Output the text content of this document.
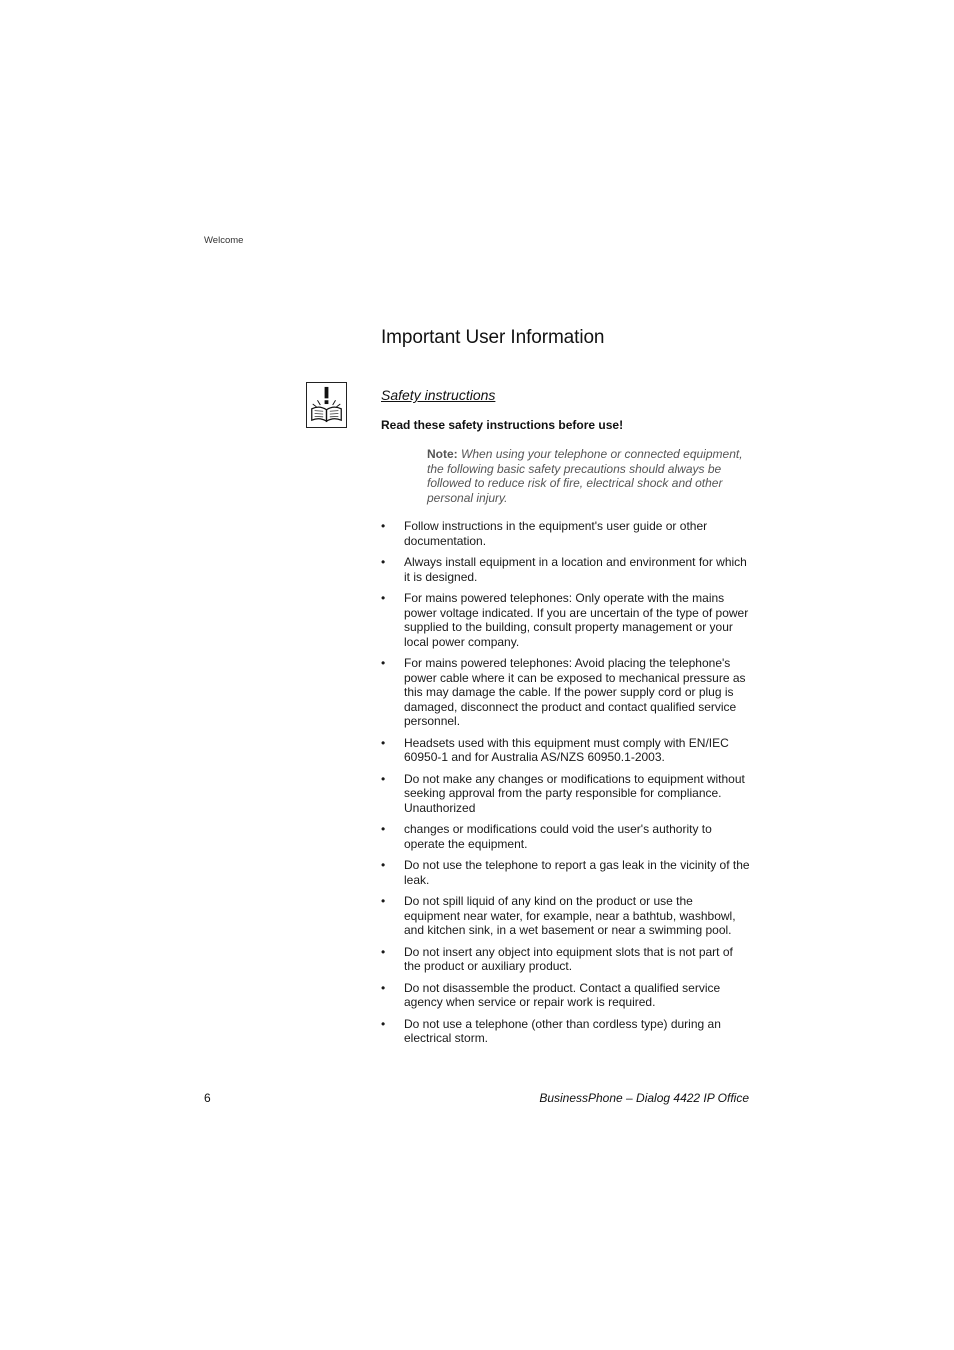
Welcome
Important User Information
Safety instructions

Read these safety instructions before use!

Note: When using your telephone or connected equipment, the following basic safety precautions should always be followed to reduce risk of fire, electrical shock and other personal injury.

• Follow instructions in the equipment's user guide or other documentation.
• Always install equipment in a location and environment for which it is designed.
• For mains powered telephones: Only operate with the mains power voltage indicated. If you are uncertain of the type of power supplied to the building, consult property management or your local power company.
• For mains powered telephones: Avoid placing the telephone's power cable where it can be exposed to mechanical pressure as this may damage the cable. If the power supply cord or plug is damaged, disconnect the product and contact qualified service personnel.
• Headsets used with this equipment must comply with EN/IEC 60950-1 and for Australia AS/NZS 60950.1-2003.
• Do not make any changes or modifications to equipment without seeking approval from the party responsible for compliance. Unauthorized
• changes or modifications could void the user's authority to operate the equipment.
• Do not use the telephone to report a gas leak in the vicinity of the leak.
• Do not spill liquid of any kind on the product or use the equipment near water, for example, near a bathtub, washbowl, and kitchen sink, in a wet basement or near a swimming pool.
• Do not insert any object into equipment slots that is not part of the product or auxiliary product.
• Do not disassemble the product. Contact a qualified service agency when service or repair work is required.
• Do not use a telephone (other than cordless type) during an electrical storm.
6	BusinessPhone – Dialog 4422 IP Office
